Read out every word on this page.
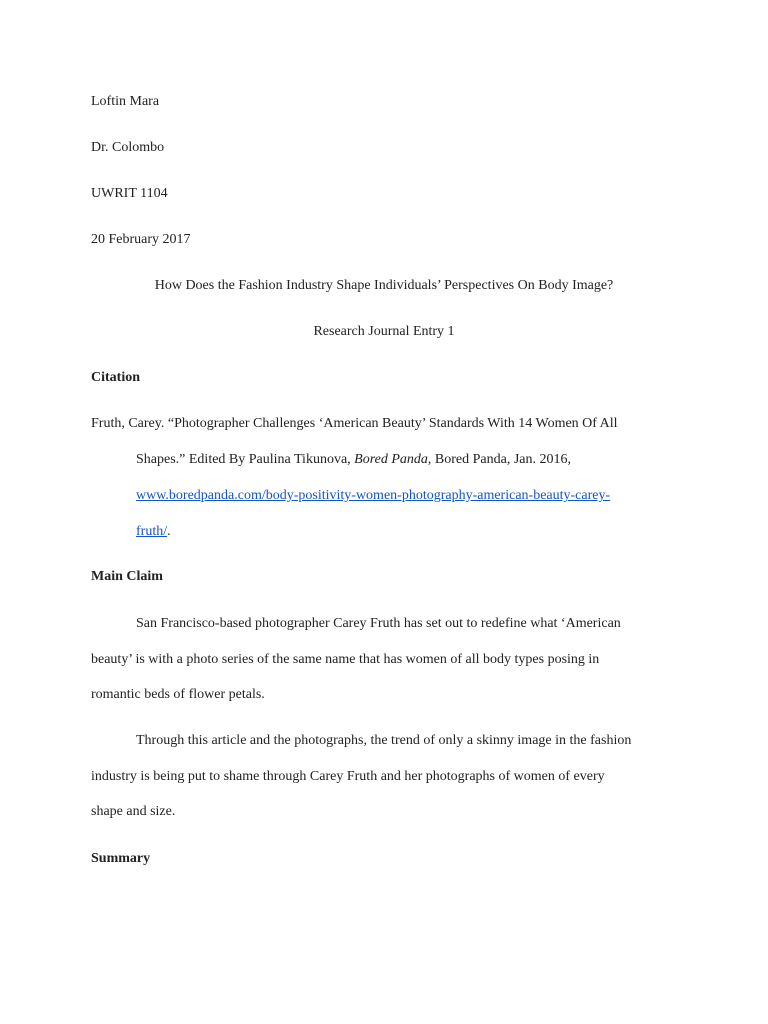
Loftin Mara
Dr. Colombo
UWRIT 1104
20 February 2017
How Does the Fashion Industry Shape Individuals’ Perspectives On Body Image?
Research Journal Entry 1
Citation
Fruth, Carey. “Photographer Challenges ‘American Beauty’ Standards With 14 Women Of All
Shapes.” Edited By Paulina Tikunova, Bored Panda, Bored Panda, Jan. 2016,
www.boredpanda.com/body-positivity-women-photography-american-beauty-carey-
fruth/.
Main Claim
San Francisco-based photographer Carey Fruth has set out to redefine what ‘American
beauty’ is with a photo series of the same name that has women of all body types posing in
romantic beds of flower petals.
Through this article and the photographs, the trend of only a skinny image in the fashion
industry is being put to shame through Carey Fruth and her photographs of women of every
shape and size.
Summary
